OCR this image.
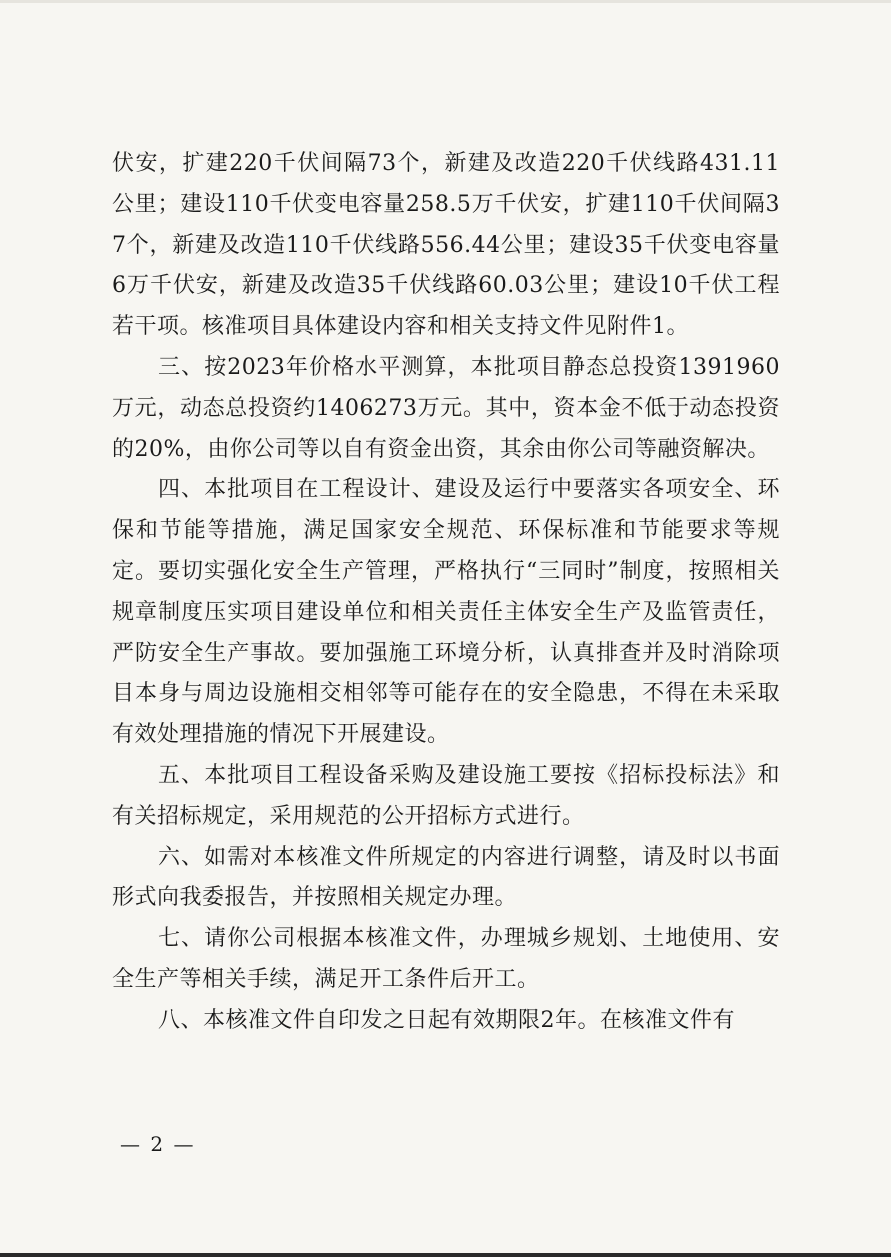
伏安，扩建220千伏间隔73个，新建及改造220千伏线路431.11公里；建设110千伏变电容量258.5万千伏安，扩建110千伏间隔37个，新建及改造110千伏线路556.44公里；建设35千伏变电容量6万千伏安，新建及改造35千伏线路60.03公里；建设10千伏工程若干项。核准项目具体建设内容和相关支持文件见附件1。

三、按2023年价格水平测算，本批项目静态总投资1391960万元，动态总投资约1406273万元。其中，资本金不低于动态投资的20%，由你公司等以自有资金出资，其余由你公司等融资解决。

四、本批项目在工程设计、建设及运行中要落实各项安全、环保和节能等措施，满足国家安全规范、环保标准和节能要求等规定。要切实强化安全生产管理，严格执行“三同时”制度，按照相关规章制度压实项目建设单位和相关责任主体安全生产及监管责任，严防安全生产事故。要加强施工环境分析，认真排查并及时消除项目本身与周边设施相交相邻等可能存在的安全隐患，不得在未采取有效处理措施的情况下开展建设。

五、本批项目工程设备采购及建设施工要按《招标投标法》和有关招标规定，采用规范的公开招标方式进行。

六、如需对本核准文件所规定的内容进行调整，请及时以书面形式向我委报告，并按照相关规定办理。

七、请你公司根据本核准文件，办理城乡规划、土地使用、安全生产等相关手续，满足开工条件后开工。

八、本核准文件自印发之日起有效期限2年。在核准文件有

— 2 —
